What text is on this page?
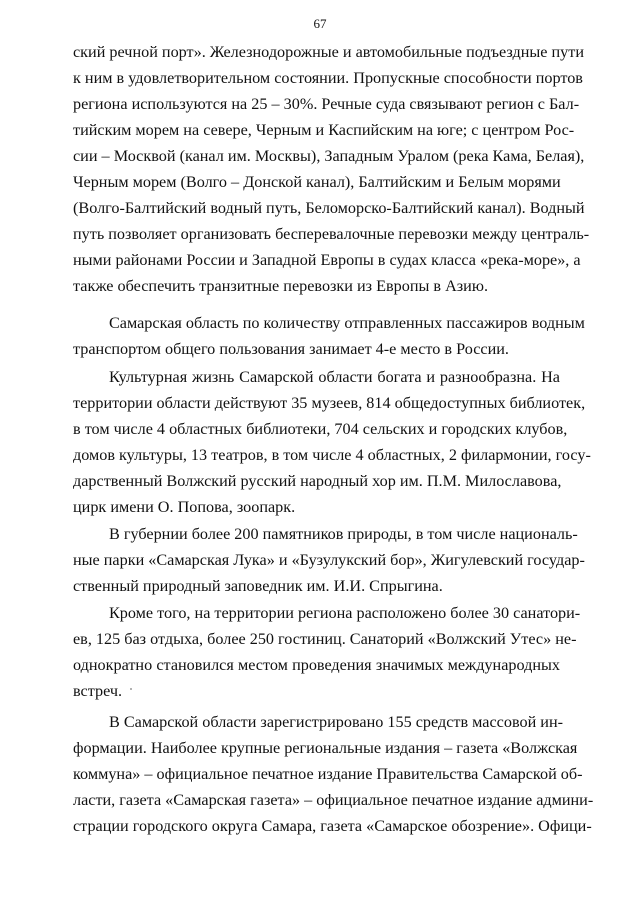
67
ский речной порт». Железнодорожные и автомобильные подъездные пути
к ним в удовлетворительном состоянии. Пропускные способности портов
региона используются на 25 – 30%. Речные суда связывают регион с Бал-
тийским морем на севере, Черным и Каспийским на юге; с центром Рос-
сии – Москвой (канал им. Москвы), Западным Уралом (река Кама, Белая),
Черным морем (Волго – Донской канал), Балтийским и Белым морями
(Волго-Балтийский водный путь, Беломорско-Балтийский канал). Водный
путь позволяет организовать бесперевалочные перевозки между централь-
ными районами России и Западной Европы в судах класса «река-море», а
также обеспечить транзитные перевозки из Европы в Азию.
Самарская область по количеству отправленных пассажиров водным
транспортом общего пользования занимает 4-е место в России.
Культурная жизнь Самарской области богата и разнообразна. На
территории области действуют 35 музеев, 814 общедоступных библиотек,
в том числе 4 областных библиотеки, 704 сельских и городских клубов,
домов культуры, 13 театров, в том числе 4 областных, 2 филармонии, госу-
дарственный Волжский русский народный хор им. П.М. Милославова,
цирк имени О. Попова, зоопарк.
В губернии более 200 памятников природы, в том числе националь-
ные парки «Самарская Лука» и «Бузулукский бор», Жигулевский государ-
ственный природный заповедник им. И.И. Спрыгина.
Кроме того, на территории региона расположено более 30 санатори-
ев, 125 баз отдыха, более 250 гостиниц. Санаторий «Волжский Утес» не-
однократно становился местом проведения значимых международных
встреч.
В Самарской области зарегистрировано 155 средств массовой ин-
формации. Наиболее крупные региональные издания – газета «Волжская
коммуна» – официальное печатное издание Правительства Самарской об-
ласти, газета «Самарская газета» – официальное печатное издание админи-
страции городского округа Самара, газета «Самарское обозрение». Офици-
